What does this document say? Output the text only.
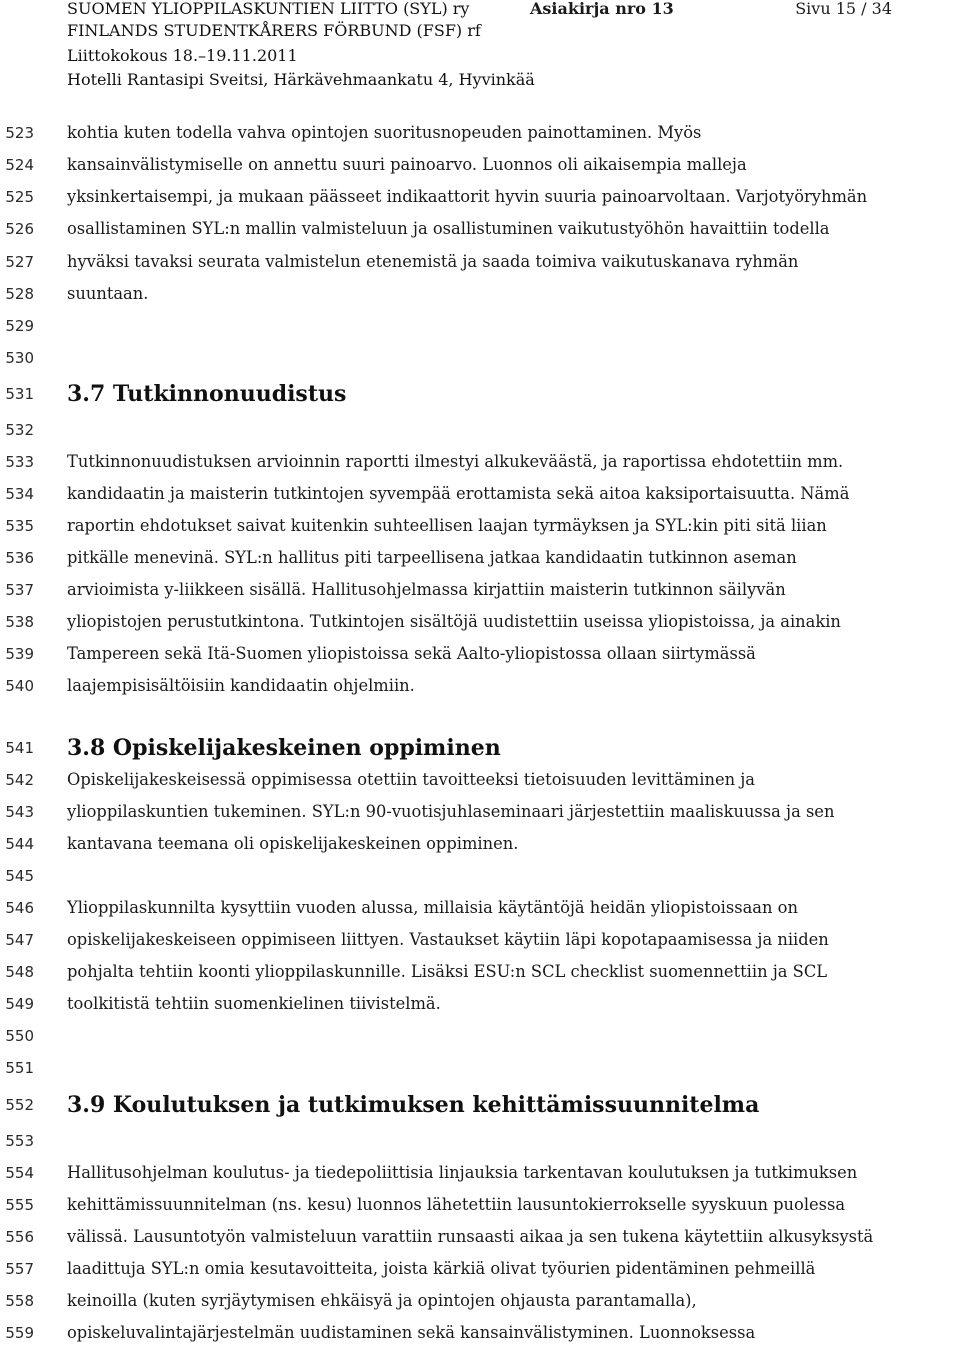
SUOMEN YLIOPPILASKUNTIEN LIITTO (SYL) ry	Asiakirja nro 13	Sivu 15 / 34
FINLANDS STUDENTKÅRERS FÖRBUND (FSF) rf
Liittokokous 18.–19.11.2011
Hotelli Rantasipi Sveitsi, Härkävehmaankatu 4, Hyvinkää
523
524
525
526
527
528
529
530
531
532
533
534
535
536
537
538
539
540
541
542
543
544
545
546
547
548
549
550
551
552
553
554
555
556
557
558
559
kohtia kuten todella vahva opintojen suoritusnopeuden painottaminen. Myös
kansainvälistymiselle on annettu suuri painoarvo. Luonnos oli aikaisempia malleja
yksinkertaisempi, ja mukaan päässeet indikaattorit hyvin suuria painoarvoltaan. Varjotyöryhmän
osallistaminen SYL:n mallin valmisteluun ja osallistuminen vaikutustyöhön havaittiin todella
hyväksi tavaksi seurata valmistelun etenemistä ja saada toimiva vaikutuskanava ryhmän
suuntaan.
3.7 Tutkinnonuudistus
Tutkinnonuudistuksen arvioinnin raportti ilmestyi alkukeväästä, ja raportissa ehdotettiin mm.
kandidaatin ja maisterin tutkintojen syvempää erottamista sekä aitoa kaksiportaisuutta. Nämä
raportin ehdotukset saivat kuitenkin suhteellisen laajan tyrmäyksen ja SYL:kin piti sitä liian
pitkälle menevinä. SYL:n hallitus piti tarpeellisena jatkaa kandidaatin tutkinnon aseman
arvioimista y-liikkeen sisällä. Hallitusohjelmassa kirjattiin maisterin tutkinnon säilyvän
yliopistojen perustutkintona. Tutkintojen sisältöjä uudistettiin useissa yliopistoissa, ja ainakin
Tampereen sekä Itä-Suomen yliopistoissa sekä Aalto-yliopistossa ollaan siirtymässä
laajempisisältöisiin kandidaatin ohjelmiin.
3.8 Opiskelijakeskeinen oppiminen
Opiskelijakeskeisessä oppimisessa otettiin tavoitteeksi tietoisuuden levittäminen ja
ylioppilaskuntien tukeminen. SYL:n 90-vuotisjuhlaseminaari järjestettiin maaliskuussa ja sen
kantavana teemana oli opiskelijakeskeinen oppiminen.
Ylioppilaskunnilta kysyttiin vuoden alussa, millaisia käytäntöjä heidän yliopistoissaan on
opiskelijakeskeiseen oppimiseen liittyen. Vastaukset käytiin läpi kopotapaamisessa ja niiden
pohjalta tehtiin koonti ylioppilaskunnille. Lisäksi ESU:n SCL checklist suomennettiin ja SCL
toolkitistä tehtiin suomenkielinen tiivistelmä.
3.9 Koulutuksen ja tutkimuksen kehittämissuunnitelma
Hallitusohjelman koulutus- ja tiedepoliittisia linjauksia tarkentavan koulutuksen ja tutkimuksen
kehittämissuunnitelman (ns. kesu) luonnos lähetettiin lausuntokierrokselle syyskuun puolessa
välissä. Lausuntotyön valmisteluun varattiin runsaasti aikaa ja sen tukena käytettiin alkusyksystä
laadittuja SYL:n omia kesutavoitteita, joista kärkiä olivat työurien pidentäminen pehmeillä
keinoilla (kuten syrjäytymisen ehkäisyä ja opintojen ohjausta parantamalla),
opiskeluvalintajärjestelmän uudistaminen sekä kansainvälistyminen. Luonnoksessa
